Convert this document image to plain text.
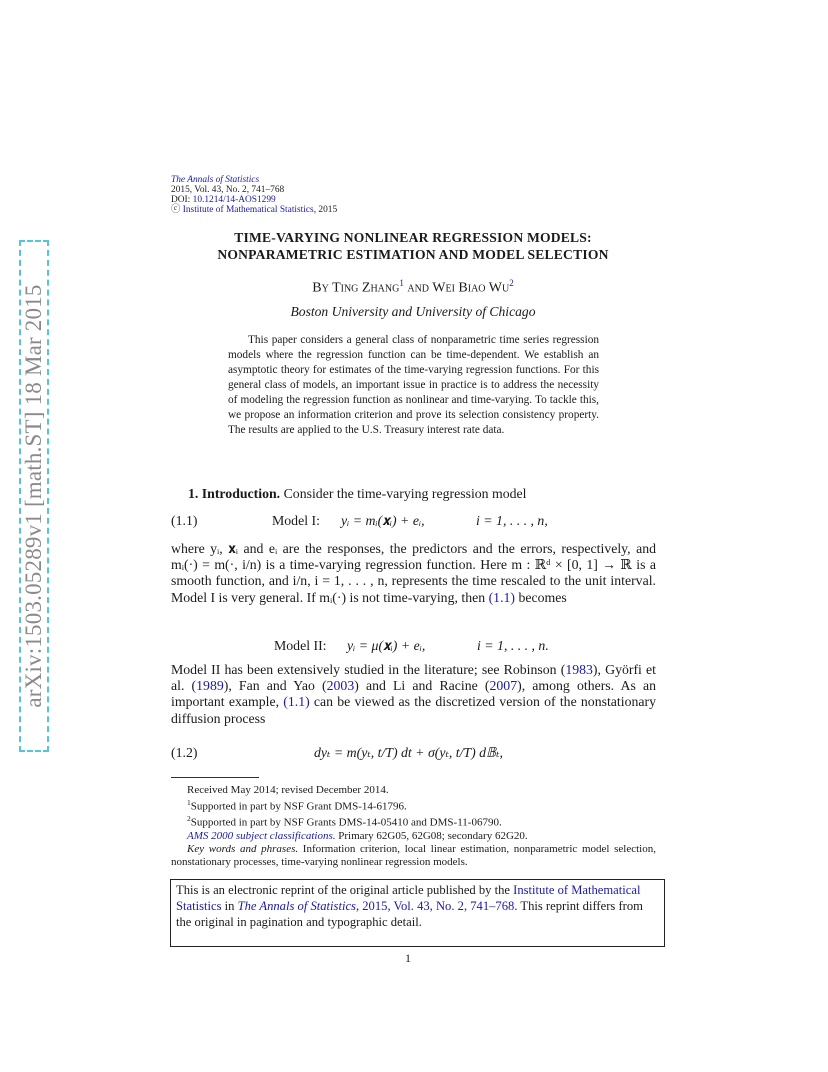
arXiv:1503.05289v1 [math.ST] 18 Mar 2015
The Annals of Statistics
2015, Vol. 43, No. 2, 741–768
DOI: 10.1214/14-AOS1299
ⓒ Institute of Mathematical Statistics, 2015
TIME-VARYING NONLINEAR REGRESSION MODELS:
NONPARAMETRIC ESTIMATION AND MODEL SELECTION
By Ting Zhang$^1$ and Wei Biao Wu$^2$
Boston University and University of Chicago

This paper considers a general class of nonparametric time series regression models where the regression function can be time-dependent. We establish an asymptotic theory for estimates of the time-varying regression functions. For this general class of models, an important issue in practice is to address the necessity of modeling the regression function as nonlinear and time-varying. To tackle this, we propose an information criterion and prove its selection consistency property. The results are applied to the U.S. Treasury interest rate data.

1. Introduction. Consider the time-varying regression model

(1.1)	Model I: yᵢ = mᵢ(𝐱ᵢ) + eᵢ,	i = 1, . . . , n,

where yᵢ, 𝐱ᵢ and eᵢ are the responses, the predictors and the errors, respectively, and mᵢ(·) = m(·, i/n) is a time-varying regression function. Here m : ℝᵈ × [0, 1] → ℝ is a smooth function, and i/n, i = 1, . . . , n, represents the time rescaled to the unit interval. Model I is very general. If mᵢ(·) is not time-varying, then (1.1) becomes

Model II: yᵢ = μ(𝐱ᵢ) + eᵢ,	i = 1, . . . , n.

Model II has been extensively studied in the literature; see Robinson (1983), Györfi et al. (1989), Fan and Yao (2003) and Li and Racine (2007), among others. As an important example, (1.1) can be viewed as the discretized version of the nonstationary diffusion process

(1.2)	dyₜ = m(yₜ, t/T) dt + σ(yₜ, t/T) d𝔹ₜ,

Received May 2014; revised December 2014.

$^1$Supported in part by NSF Grant DMS-14-61796.

$^2$Supported in part by NSF Grants DMS-14-05410 and DMS-11-06790.

AMS 2000 subject classifications. Primary 62G05, 62G08; secondary 62G20.

Key words and phrases. Information criterion, local linear estimation, nonparametric model selection, nonstationary processes, time-varying nonlinear regression models.

This is an electronic reprint of the original article published by the Institute of Mathematical Statistics in The Annals of Statistics, 2015, Vol. 43, No. 2, 741–768. This reprint differs from the original in pagination and typographic detail.
1
